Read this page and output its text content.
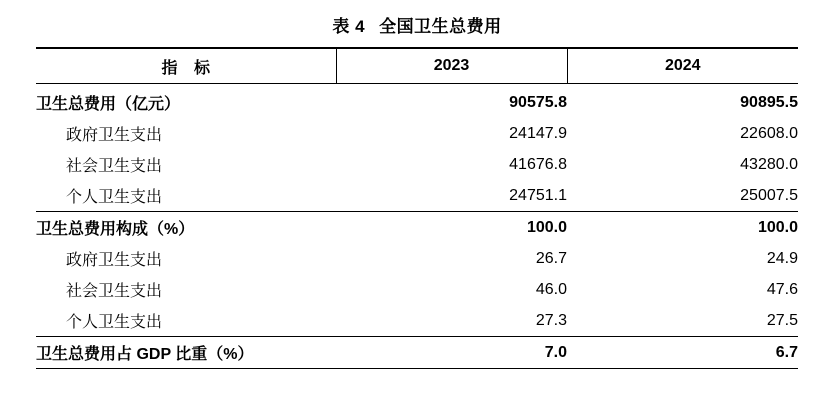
表 4 全国卫生总费用
指 标	2023	2024
卫生总费用（亿元）	90575.8	90895.5
政府卫生支出	24147.9	22608.0
社会卫生支出	41676.8	43280.0
个人卫生支出	24751.1	25007.5
卫生总费用构成（%）	100.0	100.0
政府卫生支出	26.7	24.9
社会卫生支出	46.0	47.6
个人卫生支出	27.3	27.5
卫生总费用占 GDP 比重（%）	7.0	6.7
